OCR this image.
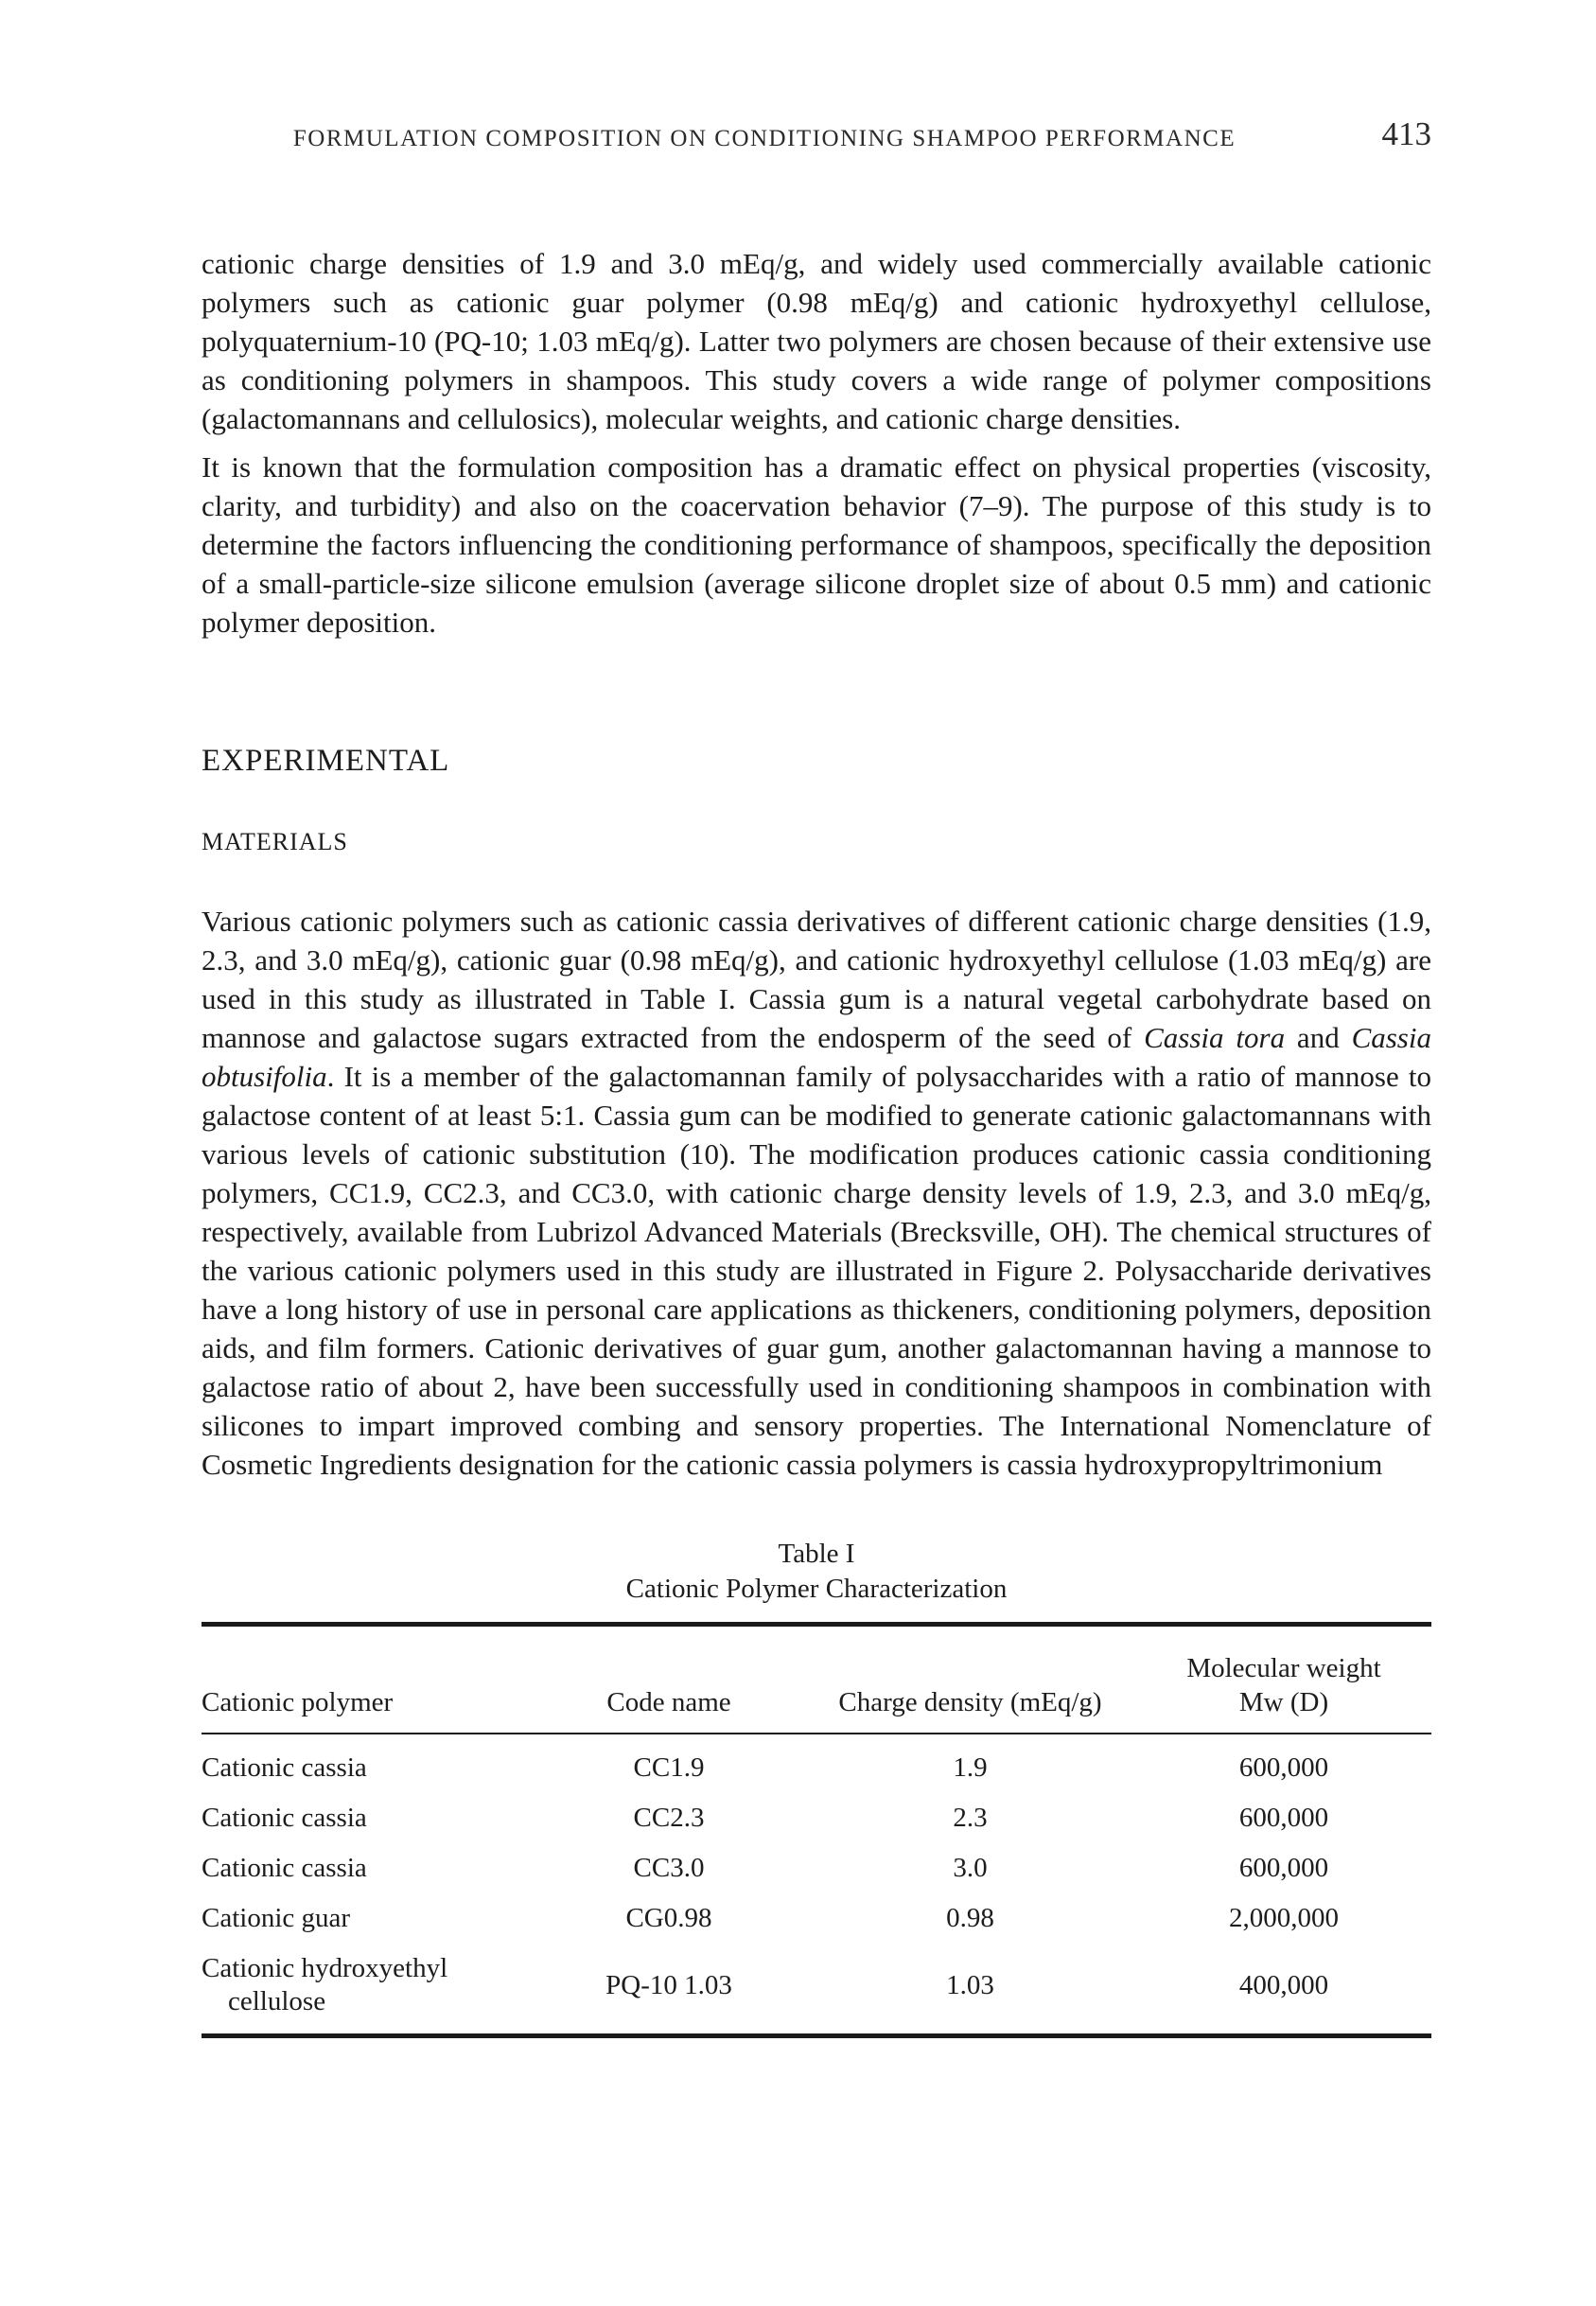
FORMULATION COMPOSITION ON CONDITIONING SHAMPOO PERFORMANCE	413

cationic charge densities of 1.9 and 3.0 mEq/g, and widely used commercially available cationic polymers such as cationic guar polymer (0.98 mEq/g) and cationic hydroxyethyl cellulose, polyquaternium-10 (PQ-10; 1.03 mEq/g). Latter two polymers are chosen because of their extensive use as conditioning polymers in shampoos. This study covers a wide range of polymer compositions (galactomannans and cellulosics), molecular weights, and cationic charge densities.

It is known that the formulation composition has a dramatic effect on physical properties (viscosity, clarity, and turbidity) and also on the coacervation behavior (7–9). The purpose of this study is to determine the factors influencing the conditioning performance of shampoos, specifically the deposition of a small-particle-size silicone emulsion (average silicone droplet size of about 0.5 mm) and cationic polymer deposition.

EXPERIMENTAL
MATERIALS

Various cationic polymers such as cationic cassia derivatives of different cationic charge densities (1.9, 2.3, and 3.0 mEq/g), cationic guar (0.98 mEq/g), and cationic hydroxyethyl cellulose (1.03 mEq/g) are used in this study as illustrated in Table I. Cassia gum is a natural vegetal carbohydrate based on mannose and galactose sugars extracted from the endosperm of the seed of Cassia tora and Cassia obtusifolia. It is a member of the galactomannan family of polysaccharides with a ratio of mannose to galactose content of at least 5:1. Cassia gum can be modified to generate cationic galactomannans with various levels of cationic substitution (10). The modification produces cationic cassia conditioning polymers, CC1.9, CC2.3, and CC3.0, with cationic charge density levels of 1.9, 2.3, and 3.0 mEq/g, respectively, available from Lubrizol Advanced Materials (Brecksville, OH). The chemical structures of the various cationic polymers used in this study are illustrated in Figure 2. Polysaccharide derivatives have a long history of use in personal care applications as thickeners, conditioning polymers, deposition aids, and film formers. Cationic derivatives of guar gum, another galactomannan having a mannose to galactose ratio of about 2, have been successfully used in conditioning shampoos in combination with silicones to impart improved combing and sensory properties. The International Nomenclature of Cosmetic Ingredients designation for the cationic cassia polymers is cassia hydroxypropyltrimonium

Table I
Cationic Polymer Characterization
Cationic polymer	Code name	Charge density (mEq/g)	Molecular weight
Mw (D)

Cationic cassia	CC1.9	1.9	600,000

Cationic cassia	CC2.3	2.3	600,000

Cationic cassia	CC3.0	3.0	600,000

Cationic guar	CG0.98	0.98	2,000,000

Cationic hydroxyethyl cellulose	PQ-10 1.03	1.03	400,000
